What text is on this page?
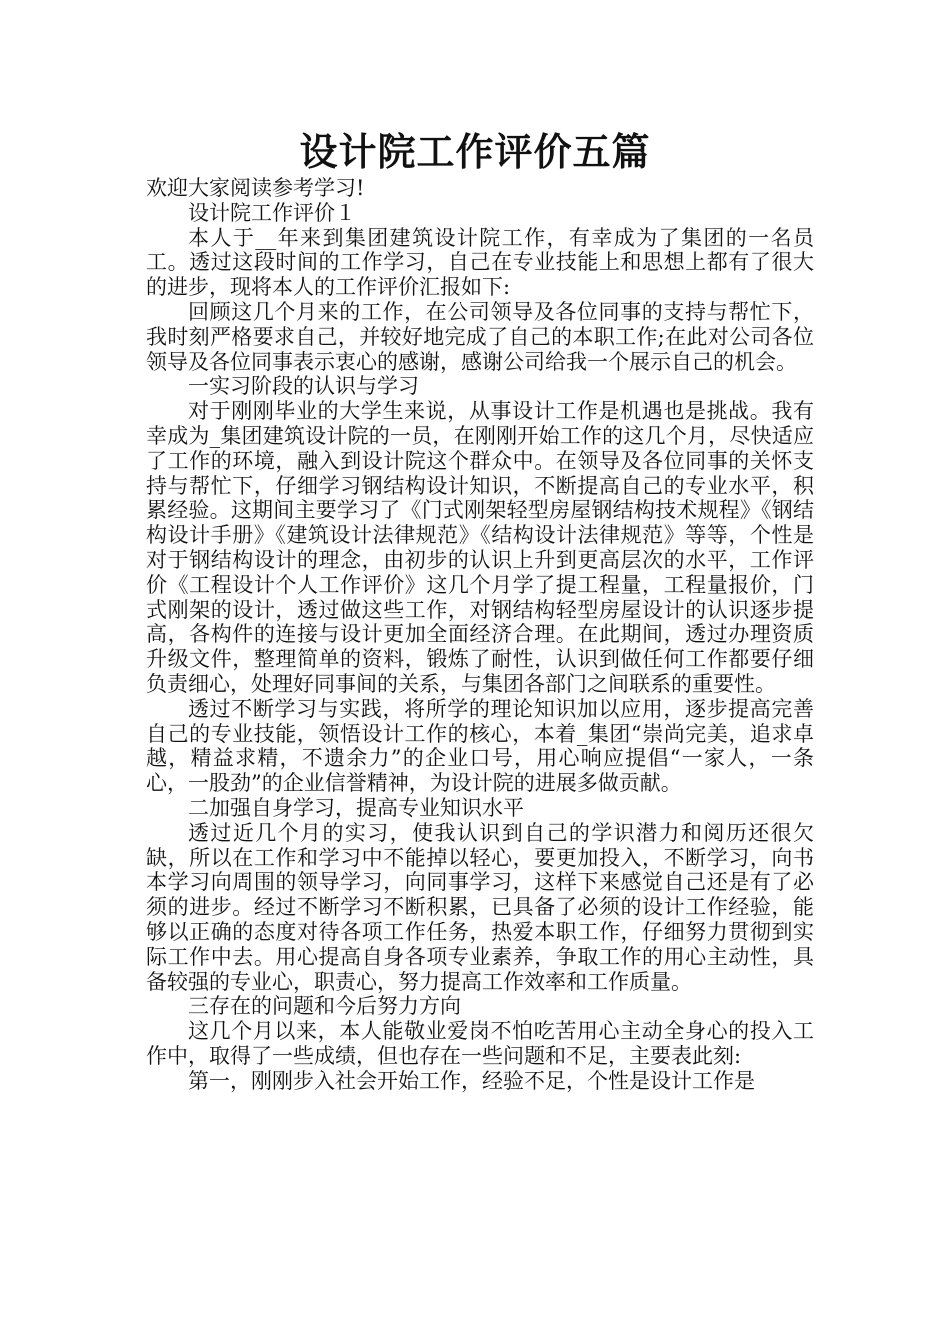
设计院工作评价五篇

欢迎大家阅读参考学习!

设计院工作评价１

本人于__年来到集团建筑设计院工作，有幸成为了集团的一名员工。透过这段时间的工作学习，自己在专业技能上和思想上都有了很大的进步，现将本人的工作评价汇报如下:

回顾这几个月来的工作，在公司领导及各位同事的支持与帮忙下，我时刻严格要求自己，并较好地完成了自己的本职工作;在此对公司各位领导及各位同事表示衷心的感谢，感谢公司给我一个展示自己的机会。

一实习阶段的认识与学习

对于刚刚毕业的大学生来说，从事设计工作是机遇也是挑战。我有幸成为_集团建筑设计院的一员，在刚刚开始工作的这几个月，尽快适应了工作的环境，融入到设计院这个群众中。在领导及各位同事的关怀支持与帮忙下，仔细学习钢结构设计知识，不断提高自己的专业水平，积累经验。这期间主要学习了《门式刚架轻型房屋钢结构技术规程》《钢结构设计手册》《建筑设计法律规范》《结构设计法律规范》等等，个性是对于钢结构设计的理念，由初步的认识上升到更高层次的水平，工作评价《工程设计个人工作评价》这几个月学了提工程量，工程量报价，门式刚架的设计，透过做这些工作，对钢结构轻型房屋设计的认识逐步提高，各构件的连接与设计更加全面经济合理。在此期间，透过办理资质升级文件，整理简单的资料，锻炼了耐性，认识到做任何工作都要仔细负责细心，处理好同事间的关系，与集团各部门之间联系的重要性。

透过不断学习与实践，将所学的理论知识加以应用，逐步提高完善自己的专业技能，领悟设计工作的核心，本着_集团“崇尚完美，追求卓越，精益求精，不遗余力”的企业口号，用心响应提倡“一家人，一条心，一股劲”的企业信誉精神，为设计院的进展多做贡献。

二加强自身学习，提高专业知识水平

透过近几个月的实习，使我认识到自己的学识潜力和阅历还很欠缺，所以在工作和学习中不能掉以轻心，要更加投入，不断学习，向书本学习向周围的领导学习，向同事学习，这样下来感觉自己还是有了必须的进步。经过不断学习不断积累，已具备了必须的设计工作经验，能够以正确的态度对待各项工作任务，热爱本职工作，仔细努力贯彻到实际工作中去。用心提高自身各项专业素养，争取工作的用心主动性，具备较强的专业心，职责心，努力提高工作效率和工作质量。

三存在的问题和今后努力方向

这几个月以来，本人能敬业爱岗不怕吃苦用心主动全身心的投入工作中，取得了一些成绩，但也存在一些问题和不足，主要表此刻:

第一，刚刚步入社会开始工作，经验不足，个性是设计工作是
